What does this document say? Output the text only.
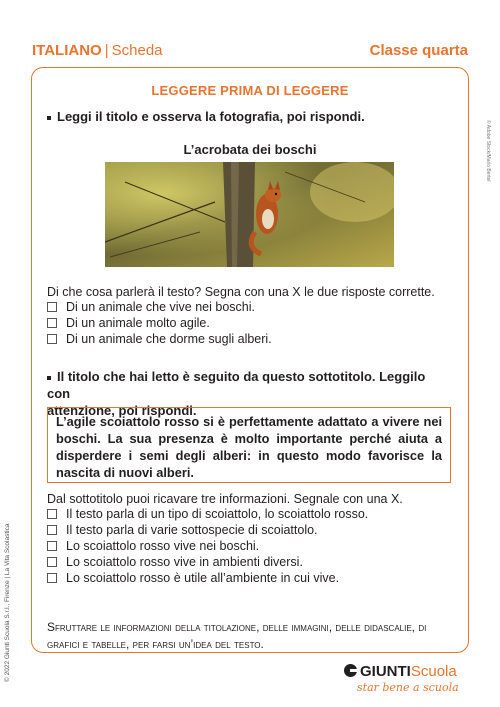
ITALIANO | Scheda	Classe quarta
LEGGERE PRIMA DI LEGGERE
Leggi il titolo e osserva la fotografia, poi rispondi.
L’acrobata dei boschi
Di che cosa parlerà il testo? Segna con una X le due risposte corrette.
Di un animale che vive nei boschi.
Di un animale molto agile.
Di un animale che dorme sugli alberi.
Il titolo che hai letto è seguito da questo sottotitolo. Leggilo con
attenzione, poi rispondi.
L’agile scoiattolo rosso si è perfettamente adattato a vivere nei boschi. La sua presenza è molto importante perché aiuta a disperdere i semi degli alberi: in questo modo favorisce la nascita di nuovi alberi.
Dal sottotitolo puoi ricavare tre informazioni. Segnale con una X.
Il testo parla di un tipo di scoiattolo, lo scoiattolo rosso.
Il testo parla di varie sottospecie di scoiattolo.
Lo scoiattolo rosso vive nei boschi.
Lo scoiattolo rosso vive in ambienti diversi.
Lo scoiattolo rosso è utile all’ambiente in cui vive.
Sfruttare le informazioni della titolazione, delle immagini, delle didascalie, di grafici e tabelle, per farsi un’idea del testo.
© 2022 Giunti Scuola S.r.l., Firenze | La Vita Scolastica
© Adobe Stock/Mario Bertel
GIUNTIScuola
star bene a scuola
